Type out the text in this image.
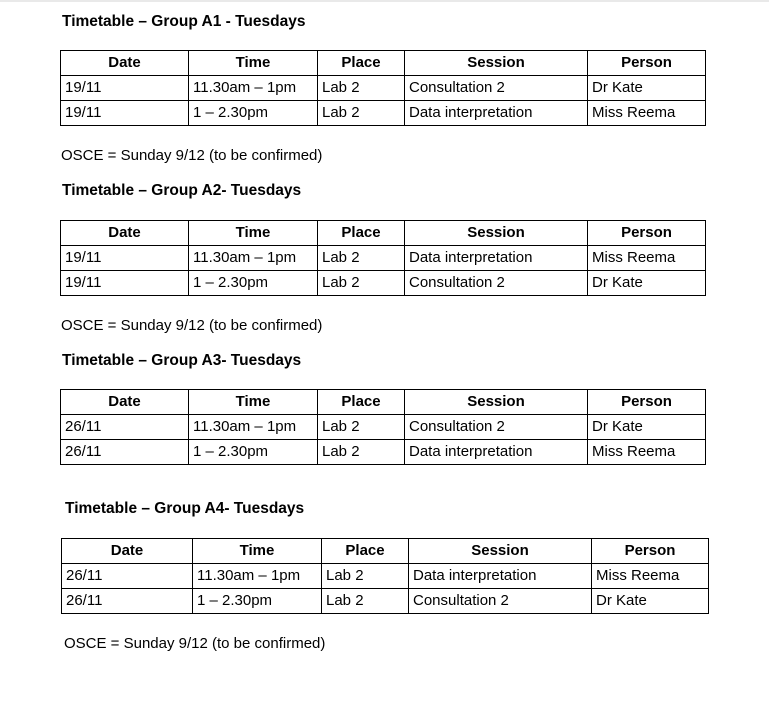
Timetable – Group A1 - Tuesdays
Date	Time	Place	Session	Person
19/11	11.30am – 1pm	Lab 2	Consultation 2	Dr Kate
19/11	1 – 2.30pm	Lab 2	Data interpretation	Miss Reema
OSCE = Sunday 9/12 (to be confirmed)
Timetable – Group A2- Tuesdays
Date	Time	Place	Session	Person
19/11	11.30am – 1pm	Lab 2	Data interpretation	Miss Reema
19/11	1 – 2.30pm	Lab 2	Consultation 2	Dr Kate
OSCE = Sunday 9/12 (to be confirmed)
Timetable – Group A3- Tuesdays
Date	Time	Place	Session	Person
26/11	11.30am – 1pm	Lab 2	Consultation 2	Dr Kate
26/11	1 – 2.30pm	Lab 2	Data interpretation	Miss Reema
Timetable – Group A4- Tuesdays
Date	Time	Place	Session	Person
26/11	11.30am – 1pm	Lab 2	Data interpretation	Miss Reema
26/11	1 – 2.30pm	Lab 2	Consultation 2	Dr Kate
OSCE = Sunday 9/12 (to be confirmed)
